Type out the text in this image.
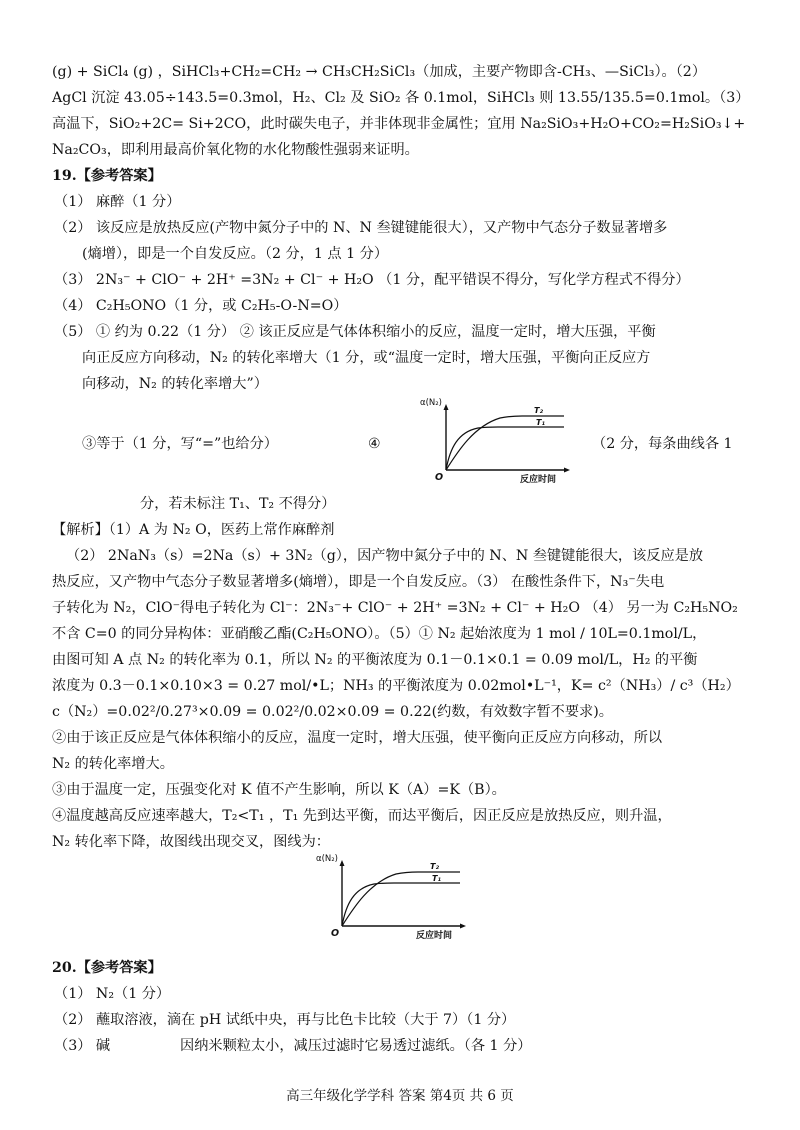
(g) + SiCl₄ (g) ，SiHCl₃+CH₂=CH₂ → CH₃CH₂SiCl₃（加成，主要产物即含-CH₃、—SiCl₃）。（2）
AgCl 沉淀 43.05÷143.5=0.3mol，H₂、Cl₂ 及 SiO₂ 各 0.1mol，SiHCl₃ 则 13.55/135.5=0.1mol。（3）
高温下，SiO₂+2C= Si+2CO，此时碳失电子，并非体现非金属性；宜用 Na₂SiO₃+H₂O+CO₂=H₂SiO₃↓+
Na₂CO₃，即利用最高价氧化物的水化物酸性强弱来证明。
19.【参考答案】
（1） 麻醉（1 分）
（2） 该反应是放热反应(产物中氮分子中的 N、N 叁键键能很大），又产物中气态分子数显著增多
(熵增），即是一个自发反应。（2 分，1 点 1 分）
（3） 2N₃⁻ + ClO⁻ + 2H⁺ =3N₂ + Cl⁻ + H₂O （1 分，配平错误不得分，写化学方程式不得分）
（4） C₂H₅ONO（1 分，或 C₂H₅-O-N=O）
（5） ① 约为 0.22（1 分） ② 该正反应是气体体积缩小的反应，温度一定时，增大压强，平衡
向正反应方向移动，N₂ 的转化率增大（1 分，或“温度一定时，增大压强，平衡向正反应方
向移动，N₂ 的转化率增大”）
③等于（1 分，写“=”也给分）	④
α(N₂)
O
T₂
T₁
反应时间
（2 分，每条曲线各 1
分，若未标注 T₁、T₂ 不得分）
【解析】（1）A 为 N₂ O，医药上常作麻醉剂
（2） 2NaN₃（s）=2Na（s）+ 3N₂（g），因产物中氮分子中的 N、N 叁键键能很大，该反应是放
热反应，又产物中气态分子数显著增多(熵增），即是一个自发反应。（3） 在酸性条件下，N₃⁻失电
子转化为 N₂，ClO⁻得电子转化为 Cl⁻：2N₃⁻+ ClO⁻ + 2H⁺ =3N₂ + Cl⁻ + H₂O （4） 另一为 C₂H₅NO₂
不含 C=0 的同分异构体：亚硝酸乙酯(C₂H₅ONO）。（5）① N₂ 起始浓度为 1 mol / 10L=0.1mol/L，
由图可知 A 点 N₂ 的转化率为 0.1，所以 N₂ 的平衡浓度为 0.1－0.1×0.1 = 0.09 mol/L，H₂ 的平衡
浓度为 0.3－0.1×0.10×3 = 0.27 mol/•L；NH₃ 的平衡浓度为 0.02mol•L⁻¹，K= c²（NH₃）/ c³（H₂）
c（N₂）=0.02²/0.27³×0.09 = 0.02²/0.02×0.09 = 0.22(约数，有效数字暂不要求)。
②由于该正反应是气体体积缩小的反应，温度一定时，增大压强，使平衡向正反应方向移动，所以
N₂ 的转化率增大。
③由于温度一定，压强变化对 K 值不产生影响，所以 K（A）=K（B）。
④温度越高反应速率越大，T₂<T₁ ，T₁ 先到达平衡，而达平衡后，因正反应是放热反应，则升温，
N₂ 转化率下降，故图线出现交叉，图线为：
α(N₂)
O
T₂
T₁
反应时间
20.【参考答案】
（1） N₂（1 分）
（2） 蘸取溶液，滴在 pH 试纸中央，再与比色卡比较（大于 7）（1 分）
（3） 碱	因纳米颗粒太小，减压过滤时它易透过滤纸。（各 1 分）
高三年级化学学科 答案 第4页 共 6 页
